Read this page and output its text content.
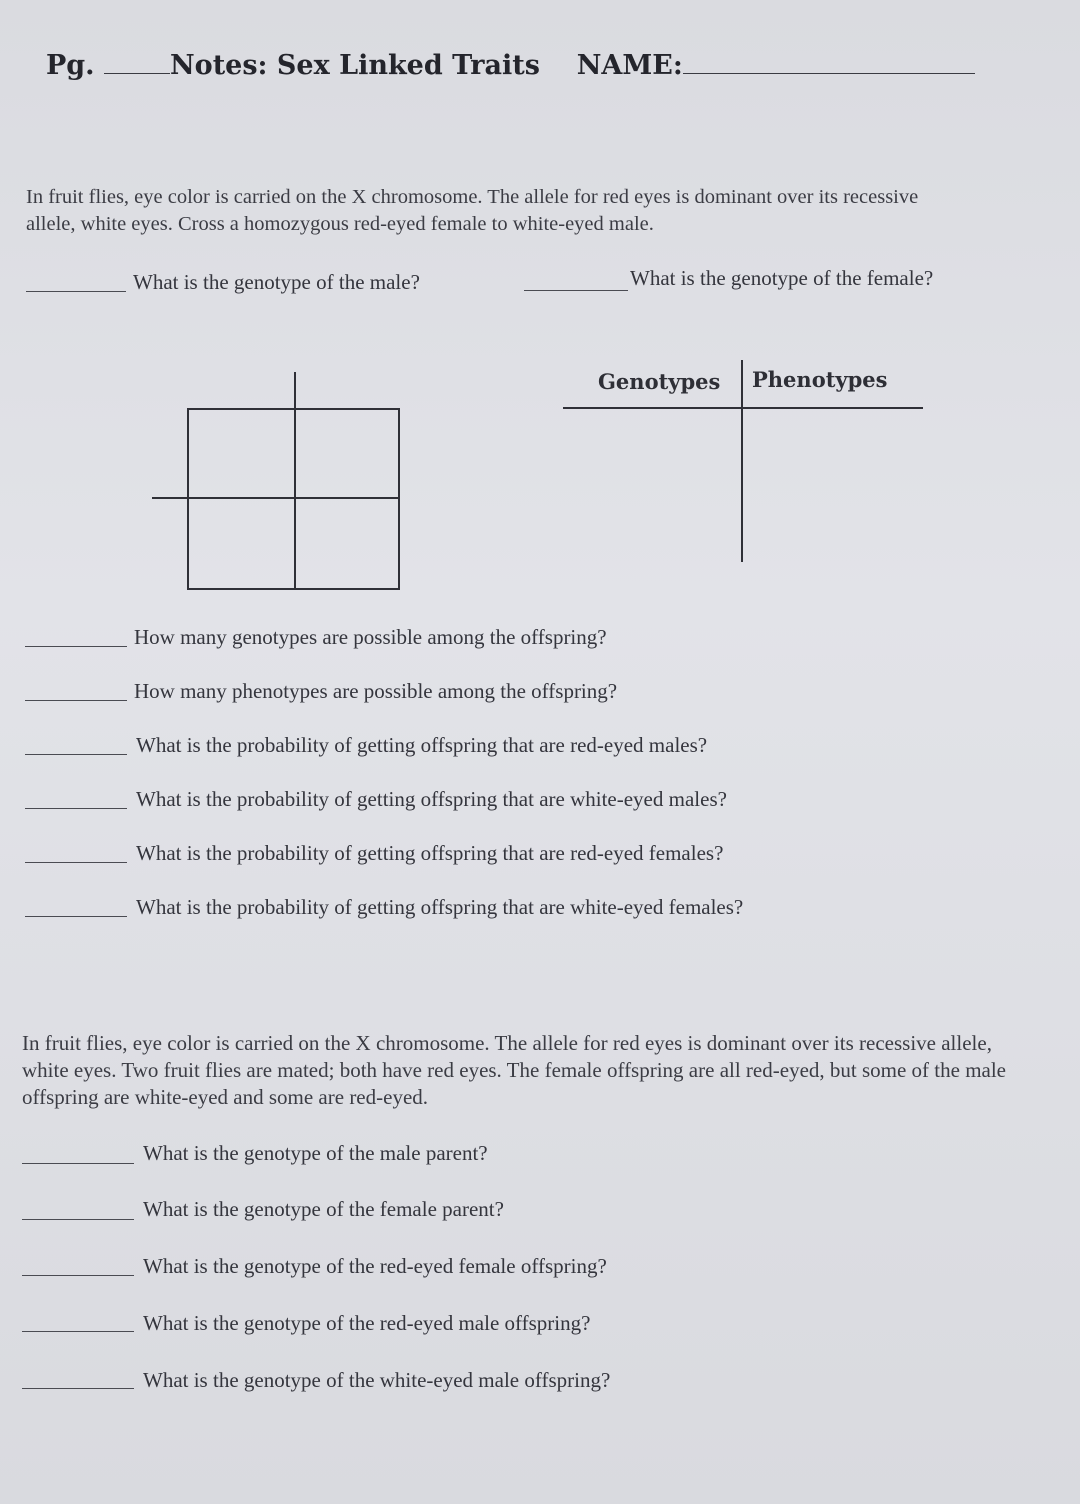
Pg.	Notes: Sex Linked Traits NAME:
In fruit flies, eye color is carried on the X chromosome. The allele for red eyes is dominant over its recessive allele, white eyes. Cross a homozygous red-eyed female to white-eyed male.
What is the genotype of the male?	What is the genotype of the female?
Genotypes Phenotypes
How many genotypes are possible among the offspring?
How many phenotypes are possible among the offspring?
What is the probability of getting offspring that are red-eyed males?
What is the probability of getting offspring that are white-eyed males?
What is the probability of getting offspring that are red-eyed females?
What is the probability of getting offspring that are white-eyed females?
In fruit flies, eye color is carried on the X chromosome. The allele for red eyes is dominant over its recessive allele, white eyes. Two fruit flies are mated; both have red eyes. The female offspring are all red-eyed, but some of the male offspring are white-eyed and some are red-eyed.
What is the genotype of the male parent?
What is the genotype of the female parent?
What is the genotype of the red-eyed female offspring?
What is the genotype of the red-eyed male offspring?
What is the genotype of the white-eyed male offspring?
